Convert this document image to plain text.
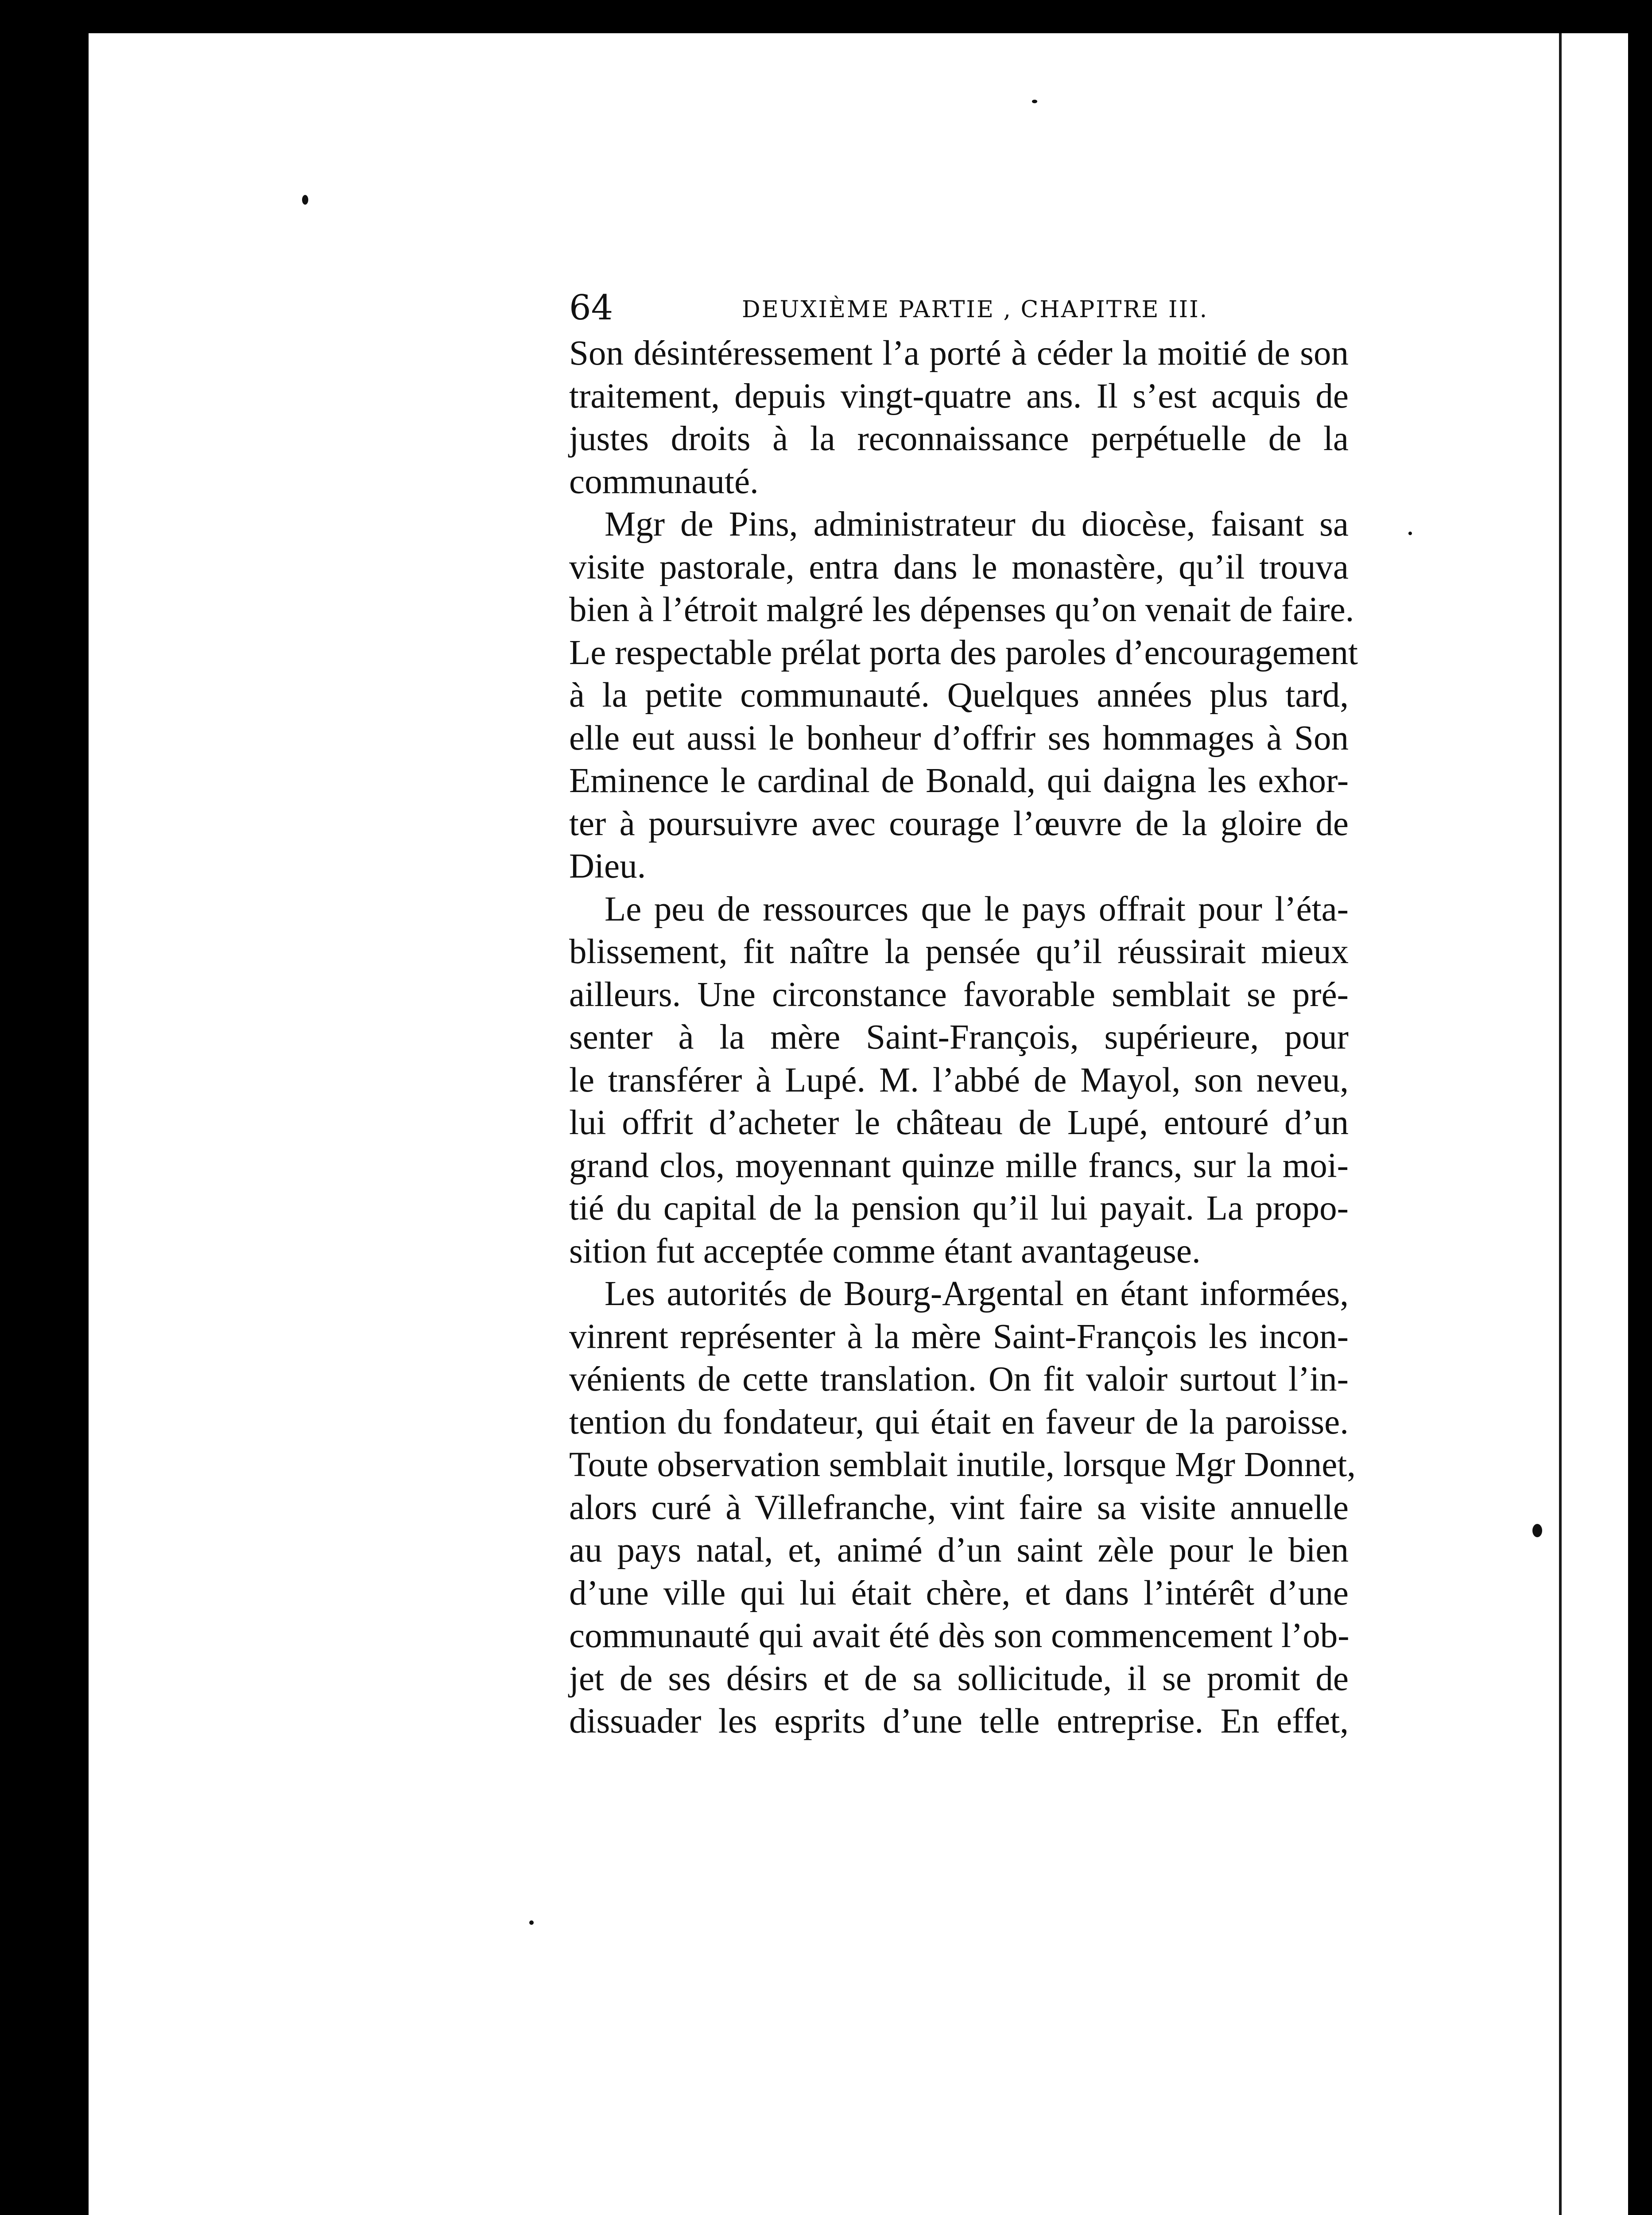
64	DEUXIÈME PARTIE , CHAPITRE III.
Son désintéressement l’a porté à céder la moitié de son
traitement, depuis vingt-quatre ans. Il s’est acquis de
justes droits à la reconnaissance perpétuelle de la
communauté.
Mgr de Pins, administrateur du diocèse, faisant sa
visite pastorale, entra dans le monastère, qu’il trouva
bien à l’étroit malgré les dépenses qu’on venait de faire.
Le respectable prélat porta des paroles d’encouragement
à la petite communauté. Quelques années plus tard,
elle eut aussi le bonheur d’offrir ses hommages à Son
Eminence le cardinal de Bonald, qui daigna les exhor-
ter à poursuivre avec courage l’œuvre de la gloire de
Dieu.
Le peu de ressources que le pays offrait pour l’éta-
blissement, fit naître la pensée qu’il réussirait mieux
ailleurs. Une circonstance favorable semblait se pré-
senter à la mère Saint-François, supérieure, pour
le transférer à Lupé. M. l’abbé de Mayol, son neveu,
lui offrit d’acheter le château de Lupé, entouré d’un
grand clos, moyennant quinze mille francs, sur la moi-
tié du capital de la pension qu’il lui payait. La propo-
sition fut acceptée comme étant avantageuse.
Les autorités de Bourg-Argental en étant informées,
vinrent représenter à la mère Saint-François les incon-
vénients de cette translation. On fit valoir surtout l’in-
tention du fondateur, qui était en faveur de la paroisse.
Toute observation semblait inutile, lorsque Mgr Donnet,
alors curé à Villefranche, vint faire sa visite annuelle
au pays natal, et, animé d’un saint zèle pour le bien
d’une ville qui lui était chère, et dans l’intérêt d’une
communauté qui avait été dès son commencement l’ob-
jet de ses désirs et de sa sollicitude, il se promit de
dissuader les esprits d’une telle entreprise. En effet,
